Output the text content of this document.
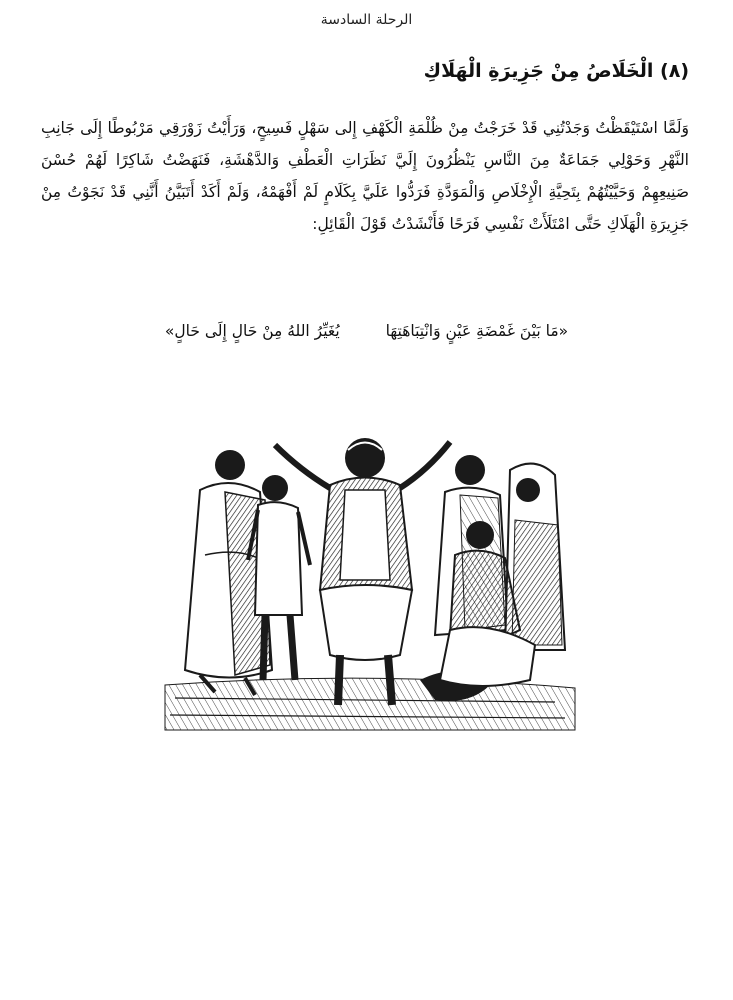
الرحلة السادسة
(٨) الْخَلَاصُ مِنْ جَزِيرَةِ الْهَلَاكِ

وَلَمَّا اسْتَيْقَظْتُ وَجَدْتُنِي قَدْ خَرَجْتُ مِنْ ظُلْمَةِ الْكَهْفِ إِلى سَهْلٍ فَسِيحٍ، وَرَأَيْتُ زَوْرَقِي مَرْبُوطًا إِلَى جَانِبِ النَّهْرِ وَحَوْلِي جَمَاعَةٌ مِنَ النَّاسِ يَنْظُرُونَ إِلَيَّ نَظَرَاتِ الْعَطْفِ وَالدَّهْشَةِ، فَنَهَضْتُ شَاكِرًا لَهُمْ حُسْنَ صَنِيعِهِمْ وَحَيَّيْتُهُمْ بِتَحِيَّةِ الْإِخْلَاصِ وَالْمَوَدَّةِ فَرَدُّوا عَلَيَّ بِكَلَامٍ لَمْ أَفْهَمْهُ، وَلَمْ أَكَدْ أَتَبَيَّنُ أَنَّنِي قَدْ نَجَوْتُ مِنْ جَزِيرَةِ الْهَلَاكِ حَتَّى امْتَلَأَتْ نَفْسِي فَرَحًا فَأَنْشَدْتُ قَوْلَ الْقَائِلِ:

«مَا بَيْنَ غَمْضَةِ عَيْنٍ وَانْتِبَاهَتِهَا
يُغَيِّرُ اللهُ مِنْ حَالٍ إِلَى حَالٍ»
